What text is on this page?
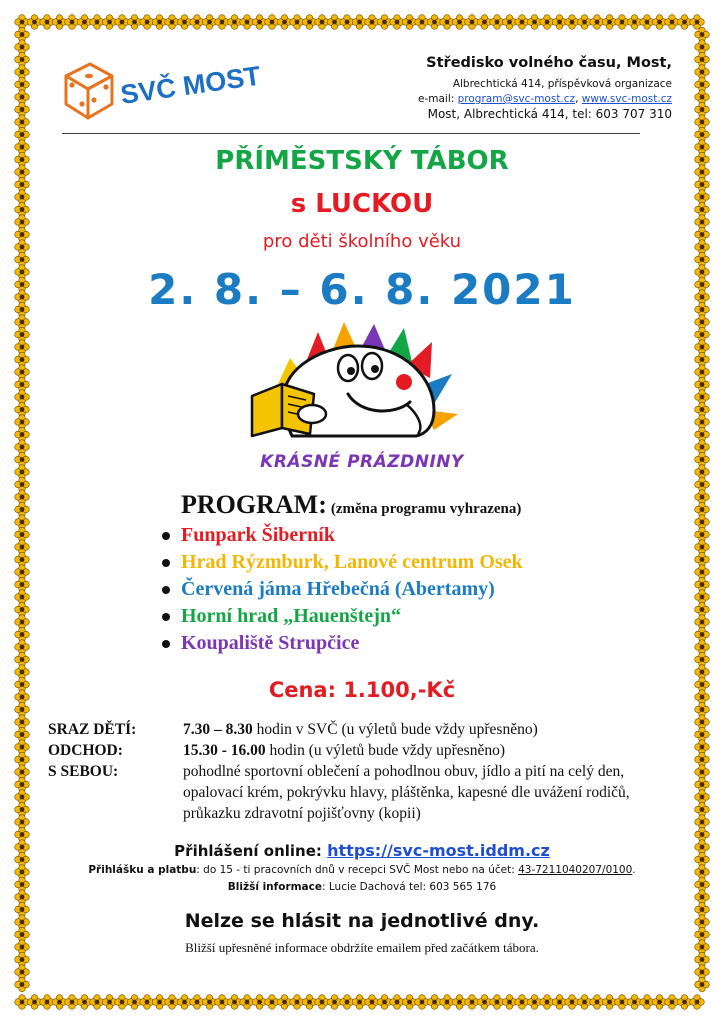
SVČ MOST	Středisko volného času, Most,
Albrechtická 414, příspěvková organizace
e-mail: program@svc-most.cz, www.svc-most.cz
Most, Albrechtická 414, tel: 603 707 310
PŘÍMĚSTSKÝ TÁBOR
s LUCKOU
pro děti školního věku
2. 8. – 6. 8. 2021
KRÁSNÉ PRÁZDNINY
PROGRAM: (změna programu vyhrazena)
Funpark Šiberník
Hrad Rýzmburk, Lanové centrum Osek
Červená jáma Hřebečná (Abertamy)
Horní hrad „Hauenštejn“
Koupaliště Strupčice
Cena: 1.100,-Kč
SRAZ DĚTÍ:	7.30 – 8.30 hodin v SVČ (u výletů bude vždy upřesněno)
ODCHOD:	15.30 - 16.00 hodin (u výletů bude vždy upřesněno)
S SEBOU:	pohodlné sportovní oblečení a pohodlnou obuv, jídlo a pití na celý den, opalovací krém, pokrývku hlavy, pláštěnka, kapesné dle uvážení rodičů, průkazku zdravotní pojišťovny (kopii)
Přihlášení online: https://svc-most.iddm.cz
Přihlášku a platbu: do 15 - ti pracovních dnů v recepci SVČ Most nebo na účet: 43-7211040207/0100.
Bližší informace: Lucie Dachová tel: 603 565 176
Nelze se hlásit na jednotlivé dny.
Bližší upřesněné informace obdržíte emailem před začátkem tábora.
